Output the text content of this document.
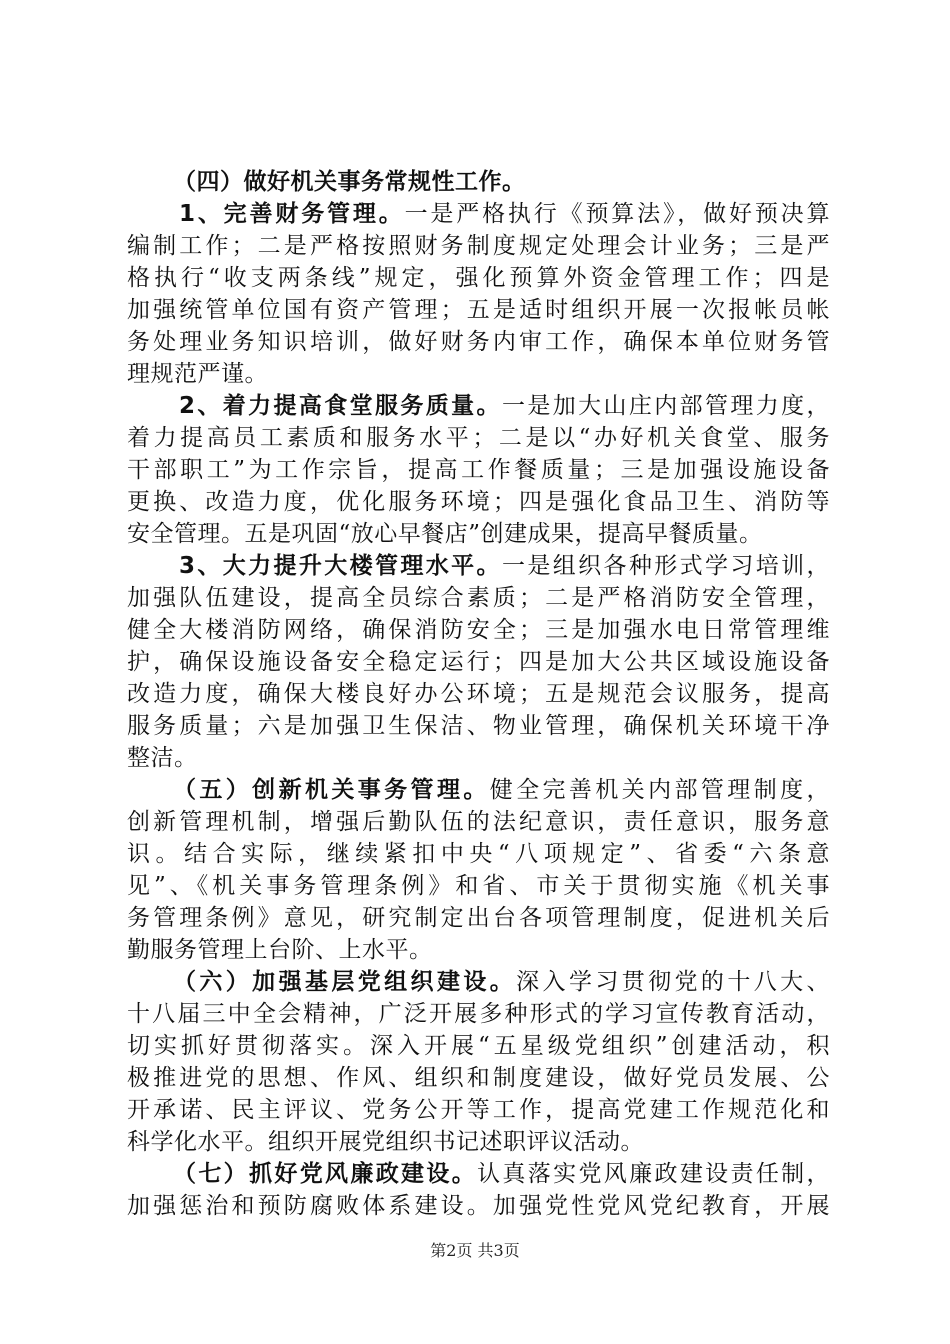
（四）做好机关事务常规性工作。
1、完善财务管理。一是严格执行《预算法》，做好预决算
编制工作；二是严格按照财务制度规定处理会计业务；三是严
格执行“收支两条线”规定，强化预算外资金管理工作；四是
加强统管单位国有资产管理；五是适时组织开展一次报帐员帐
务处理业务知识培训，做好财务内审工作，确保本单位财务管
理规范严谨。
2、着力提高食堂服务质量。一是加大山庄内部管理力度，
着力提高员工素质和服务水平；二是以“办好机关食堂、服务
干部职工”为工作宗旨，提高工作餐质量；三是加强设施设备
更换、改造力度，优化服务环境；四是强化食品卫生、消防等
安全管理。五是巩固“放心早餐店”创建成果，提高早餐质量。
3、大力提升大楼管理水平。一是组织各种形式学习培训，
加强队伍建设，提高全员综合素质；二是严格消防安全管理，
健全大楼消防网络，确保消防安全；三是加强水电日常管理维
护，确保设施设备安全稳定运行；四是加大公共区域设施设备
改造力度，确保大楼良好办公环境；五是规范会议服务，提高
服务质量；六是加强卫生保洁、物业管理，确保机关环境干净
整洁。
（五）创新机关事务管理。健全完善机关内部管理制度，
创新管理机制，增强后勤队伍的法纪意识，责任意识，服务意
识。结合实际，继续紧扣中央“八项规定”、省委“六条意
见”、《机关事务管理条例》和省、市关于贯彻实施《机关事
务管理条例》意见，研究制定出台各项管理制度，促进机关后
勤服务管理上台阶、上水平。
（六）加强基层党组织建设。深入学习贯彻党的十八大、
十八届三中全会精神，广泛开展多种形式的学习宣传教育活动，
切实抓好贯彻落实。深入开展“五星级党组织”创建活动，积
极推进党的思想、作风、组织和制度建设，做好党员发展、公
开承诺、民主评议、党务公开等工作，提高党建工作规范化和
科学化水平。组织开展党组织书记述职评议活动。
（七）抓好党风廉政建设。认真落实党风廉政建设责任制，
加强惩治和预防腐败体系建设。加强党性党风党纪教育，开展
第2页 共3页
